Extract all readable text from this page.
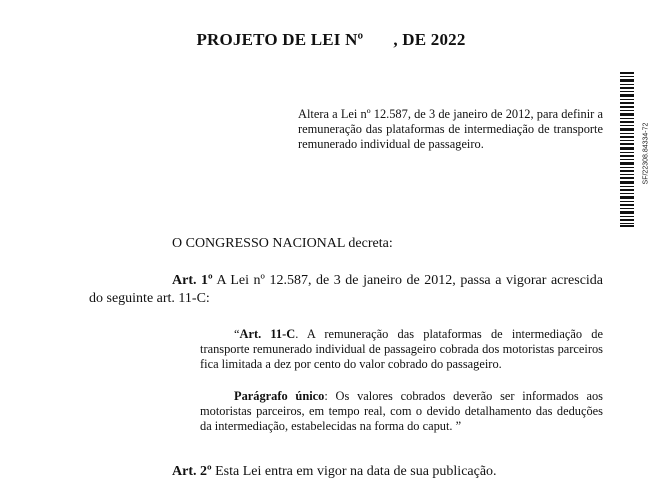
PROJETO DE LEI Nº , DE 2022
Altera a Lei nº 12.587, de 3 de janeiro de 2012, para definir a remuneração das plataformas de intermediação de transporte remunerado individual de passageiro.	SF/22308.84334-72
O CONGRESSO NACIONAL decreta:
Art. 1º A Lei nº 12.587, de 3 de janeiro de 2012, passa a vigorar acrescida do seguinte art. 11-C:
“Art. 11-C. A remuneração das plataformas de intermediação de transporte remunerado individual de passageiro cobrada dos motoristas parceiros fica limitada a dez por cento do valor cobrado do passageiro.
Parágrafo único: Os valores cobrados deverão ser informados aos motoristas parceiros, em tempo real, com o devido detalhamento das deduções da intermediação, estabelecidas na forma do caput. ”
Art. 2º Esta Lei entra em vigor na data de sua publicação.
